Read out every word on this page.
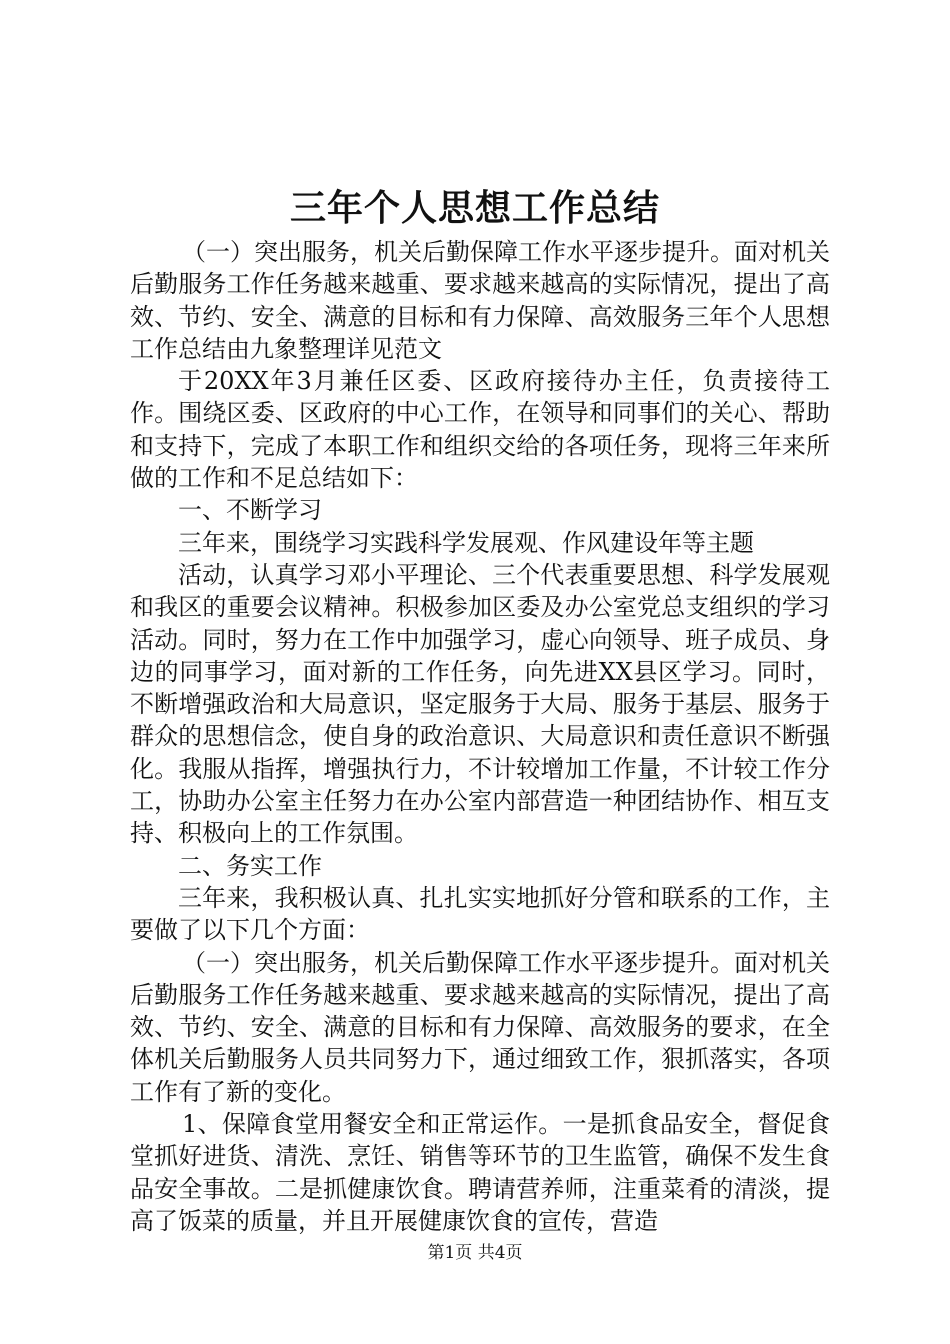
三年个人思想工作总结

（一）突出服务，机关后勤保障工作水平逐步提升。面对机关后勤服务工作任务越来越重、要求越来越高的实际情况，提出了高效、节约、安全、满意的目标和有力保障、高效服务三年个人思想工作总结由九象整理详见范文

于20XX年3月兼任区委、区政府接待办主任，负责接待工作。围绕区委、区政府的中心工作，在领导和同事们的关心、帮助和支持下，完成了本职工作和组织交给的各项任务，现将三年来所做的工作和不足总结如下：

一、不断学习

三年来，围绕学习实践科学发展观、作风建设年等主题

活动，认真学习邓小平理论、三个代表重要思想、科学发展观和我区的重要会议精神。积极参加区委及办公室党总支组织的学习活动。同时，努力在工作中加强学习，虚心向领导、班子成员、身边的同事学习，面对新的工作任务，向先进XX县区学习。同时，不断增强政治和大局意识，坚定服务于大局、服务于基层、服务于群众的思想信念，使自身的政治意识、大局意识和责任意识不断强化。我服从指挥，增强执行力，不计较增加工作量，不计较工作分工，协助办公室主任努力在办公室内部营造一种团结协作、相互支持、积极向上的工作氛围。

二、务实工作

三年来，我积极认真、扎扎实实地抓好分管和联系的工作，主要做了以下几个方面：

（一）突出服务，机关后勤保障工作水平逐步提升。面对机关后勤服务工作任务越来越重、要求越来越高的实际情况，提出了高效、节约、安全、满意的目标和有力保障、高效服务的要求，在全体机关后勤服务人员共同努力下，通过细致工作，狠抓落实，各项工作有了新的变化。

1、保障食堂用餐安全和正常运作。一是抓食品安全，督促食堂抓好进货、清洗、烹饪、销售等环节的卫生监管，确保不发生食品安全事故。二是抓健康饮食。聘请营养师，注重菜肴的清淡，提高了饭菜的质量，并且开展健康饮食的宣传，营造

第1页 共4页
